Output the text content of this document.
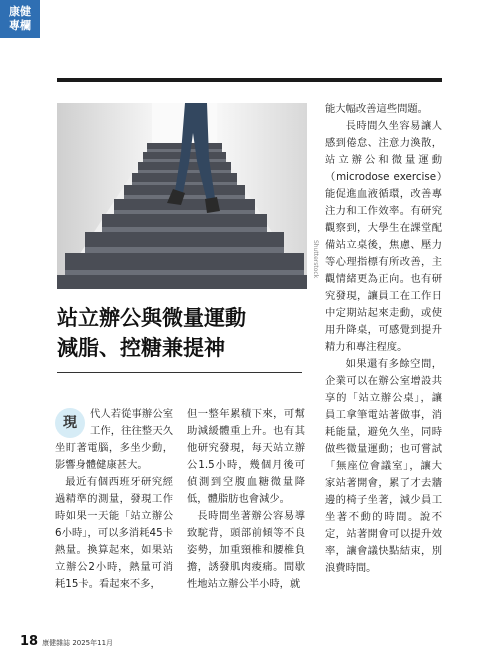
康健
專欄
Shutterstock
站立辦公與微量運動
減脂、控糖兼提神

現
代人若從事辦公室工作，往往整天久坐盯著電腦，多坐少動，影響身體健康甚大。

最近有個西班牙研究經過精準的測量，發現工作時如果一天能「站立辦公6小時」，可以多消耗45卡熱量。換算起來，如果站立辦公2小時，熱量可消耗15卡。看起來不多，

但一整年累積下來，可幫助減緩體重上升。也有其他研究發現，每天站立辦公1.5小時，幾個月後可偵測到空腹血糖微量降低，體脂肪也會減少。

長時間坐著辦公容易導致駝背，頭部前傾等不良姿勢，加重頸椎和腰椎負擔，誘發肌肉痠痛。間歇性地站立辦公半小時，就

能大幅改善這些問題。

長時間久坐容易讓人感到倦怠、注意力渙散，站立辦公和微量運動（microdose exercise）能促進血液循環，改善專注力和工作效率。有研究觀察到，大學生在課堂配備站立桌後，焦慮、壓力等心理指標有所改善，主觀情緒更為正向。也有研究發現，讓員工在工作日中定期站起來走動，或使用升降桌，可感覺到提升精力和專注程度。

如果還有多餘空間，企業可以在辦公室增設共享的「站立辦公桌」，讓員工拿筆電站著做事，消耗能量，避免久坐，同時做些微量運動；也可嘗試「無座位會議室」，讓大家站著開會，累了才去牆邊的椅子坐著，減少員工坐著不動的時間。說不定，站著開會可以提升效率，讓會議快點結束，別浪費時間。

18 康健雜誌 2025年11月
